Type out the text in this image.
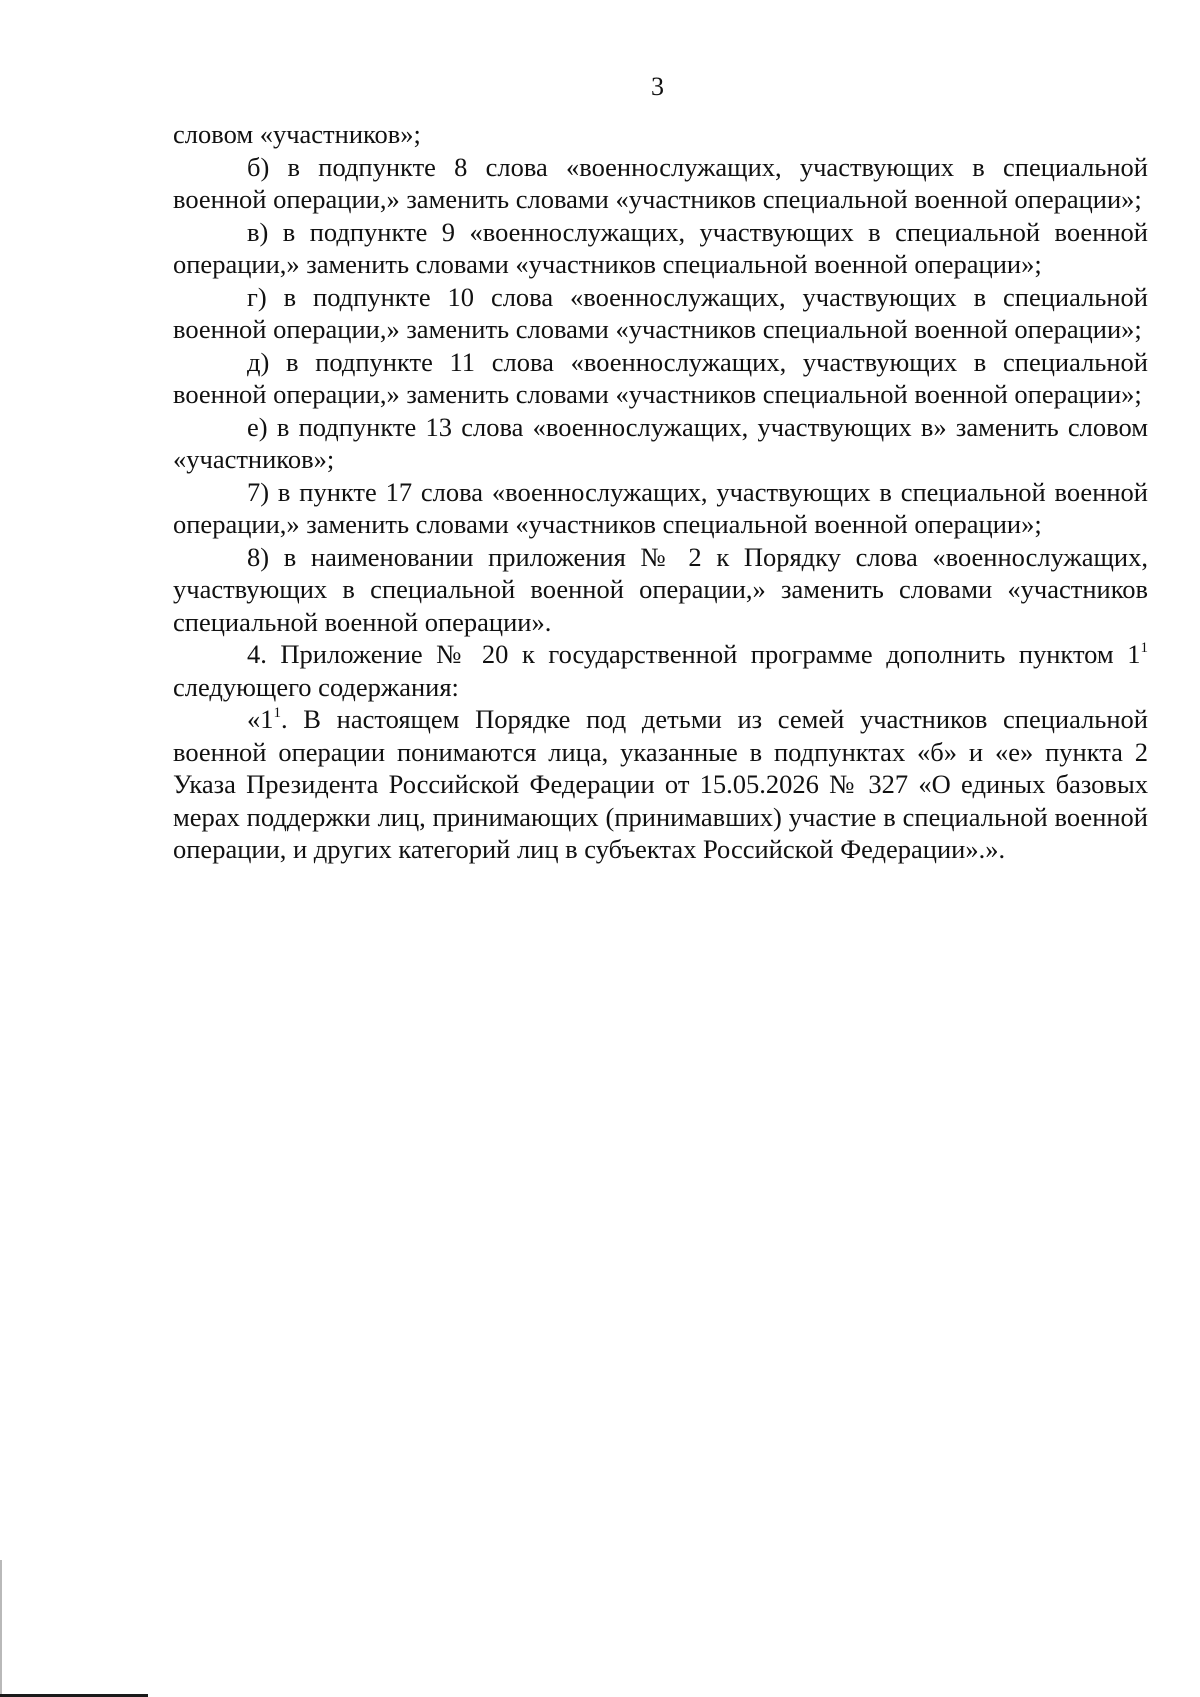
3

словом «участников»;

б) в подпункте 8 слова «военнослужащих, участвующих в специальной военной операции,» заменить словами «участников специальной военной операции»;

в) в подпункте 9 «военнослужащих, участвующих в специальной военной операции,» заменить словами «участников специальной военной операции»;

г) в подпункте 10 слова «военнослужащих, участвующих в специальной военной операции,» заменить словами «участников специальной военной операции»;

д) в подпункте 11 слова «военнослужащих, участвующих в специальной военной операции,» заменить словами «участников специальной военной операции»;

е) в подпункте 13 слова «военнослужащих, участвующих в» заменить словом «участников»;

7) в пункте 17 слова «военнослужащих, участвующих в специальной военной операции,» заменить словами «участников специальной военной операции»;

8) в наименовании приложения № 2 к Порядку слова «военнослужащих, участвующих в специальной военной операции,» заменить словами «участников специальной военной операции».

4. Приложение № 20 к государственной программе дополнить пунктом $1^1$ следующего содержания:

«$1^1$. В настоящем Порядке под детьми из семей участников специальной военной операции понимаются лица, указанные в подпунктах «б» и «е» пункта 2 Указа Президента Российской Федерации от 15.05.2026 № 327 «О единых базовых мерах поддержки лиц, принимающих (принимавших) участие в специальной военной операции, и других категорий лиц в субъектах Российской Федерации».».
